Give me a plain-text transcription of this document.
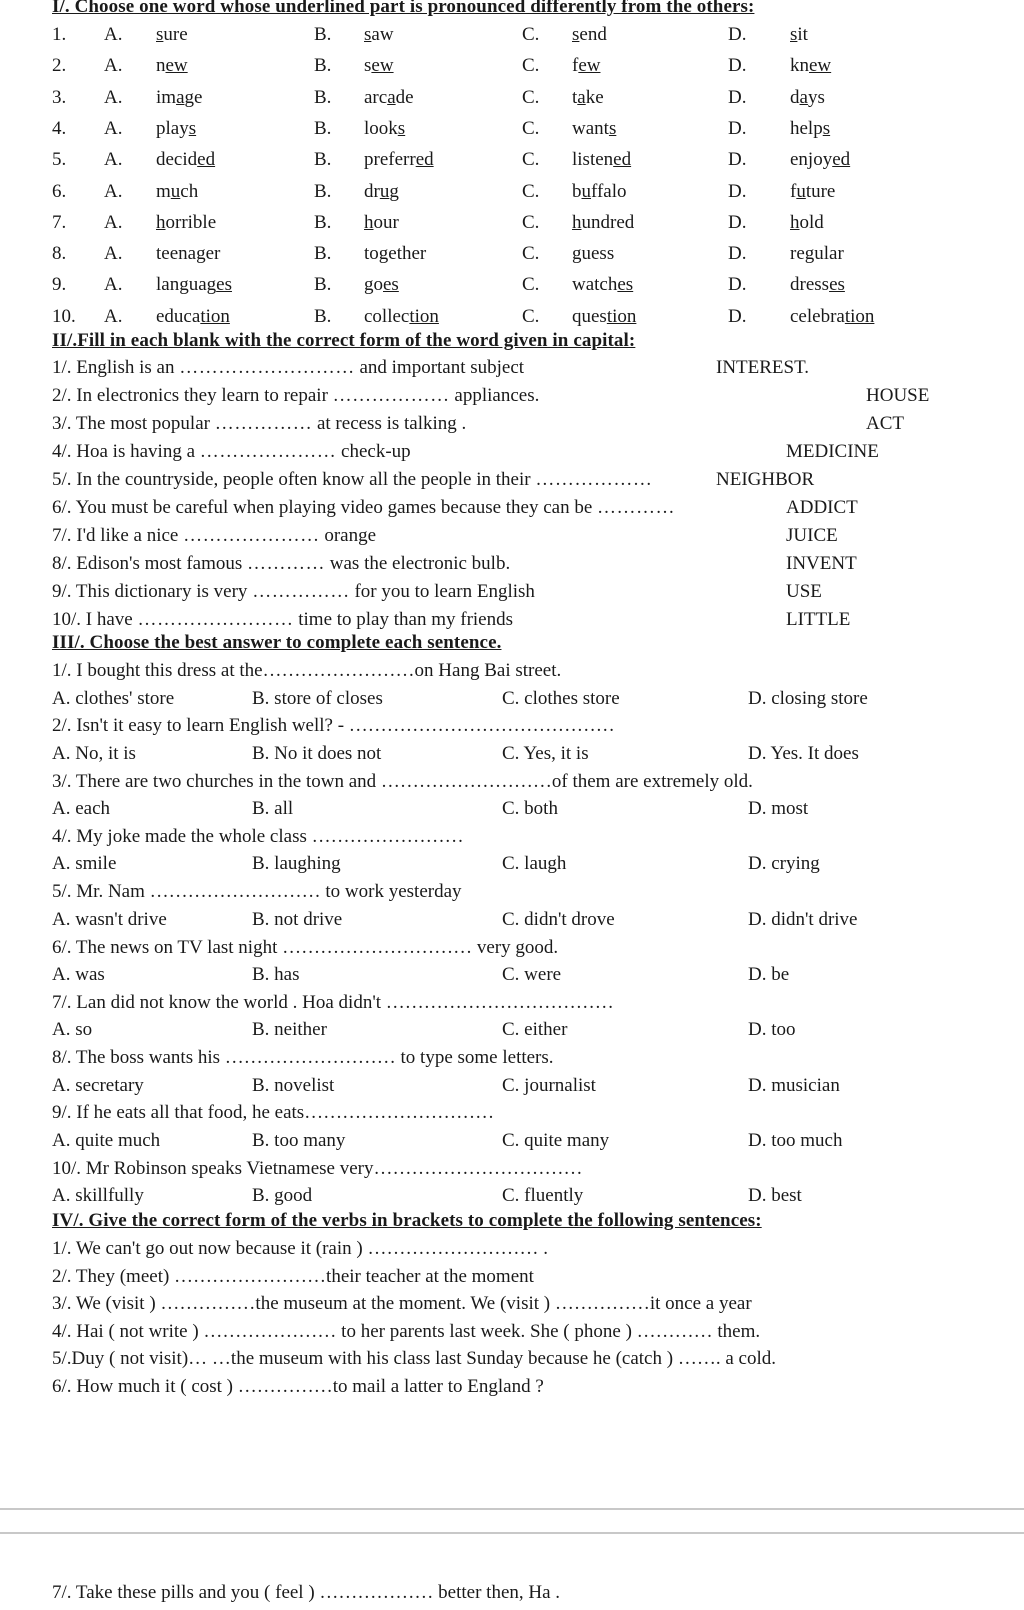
I/. Choose one word whose underlined part is pronounced differently from the others:
1. A. sure	B. saw	C. send	D. sit
2. A. new	B. sew	C. few	D. knew
3. A. image	B. arcade	C. take	D. days
4. A. plays	B. looks	C. wants	D. helps
5. A. decided	B. preferred	C. listened	D. enjoyed
6. A. much	B. drug	C. buffalo	D. future
7. A. horrible	B. hour	C. hundred	D. hold
8. A. teenager	B. together	C. guess	D. regular
9. A. languages	B. goes	C. watches	D. dresses
10. A. education	B. collection	C. question	D. celebration
II/.Fill in each blank with the correct form of the word given in capital:
1/. English is an ……………………… and important subject	INTEREST.
2/. In electronics they learn to repair ……………… appliances.	HOUSE
3/. The most popular …………… at recess is talking .	ACT
4/. Hoa is having a ………………… check-up	MEDICINE
5/. In the countryside, people often know all the people in their ………………	NEIGHBOR
6/. You must be careful when playing video games because they can be …………	ADDICT
7/. I'd like a nice ………………… orange	JUICE
8/. Edison's most famous ………… was the electronic bulb.	INVENT
9/. This dictionary is very …………… for you to learn English	USE
10/. I have …………………… time to play than my friends	LITTLE
III/. Choose the best answer to complete each sentence.
1/. I bought this dress at the……………………on Hang Bai street.
A. clothes' store	B. store of closes	C. clothes store	D. closing store
2/. Isn't it easy to learn English well? - ……………………………………
A. No, it is	B. No it does not	C. Yes, it is	D. Yes. It does
3/. There are two churches in the town and ………………………of them are extremely old.
A. each	B. all	C. both	D. most
4/. My joke made the whole class ……………………
A. smile	B. laughing	C. laugh	D. crying
5/. Mr. Nam ……………………… to work yesterday
A. wasn't drive	B. not drive	C. didn't drove	D. didn't drive
6/. The news on TV last night ………………………… very good.
A. was	B. has	C. were	D. be
7/. Lan did not know the world . Hoa didn't ………………………………
A. so	B. neither	C. either	D. too
8/. The boss wants his ……………………… to type some letters.
A. secretary	B. novelist	C. journalist	D. musician
9/. If he eats all that food, he eats…………………………
A. quite much	B. too many	C. quite many	D. too much
10/. Mr Robinson speaks Vietnamese very……………………………
A. skillfully	B. good	C. fluently	D. best
IV/. Give the correct form of the verbs in brackets to complete the following sentences:
1/. We can't go out now because it (rain ) ……………………… .
2/. They (meet) ……………………their teacher at the moment
3/. We (visit ) ……………the museum at the moment. We (visit ) ……………it once a year
4/. Hai ( not write ) ………………… to her parents last week. She ( phone ) ………… them.
5/.Duy ( not visit)… …the museum with his class last Sunday because he (catch ) ……. a cold.
6/. How much it ( cost ) ……………to mail a latter to England ?
7/. Take these pills and you ( feel ) ……………… better then, Ha .
